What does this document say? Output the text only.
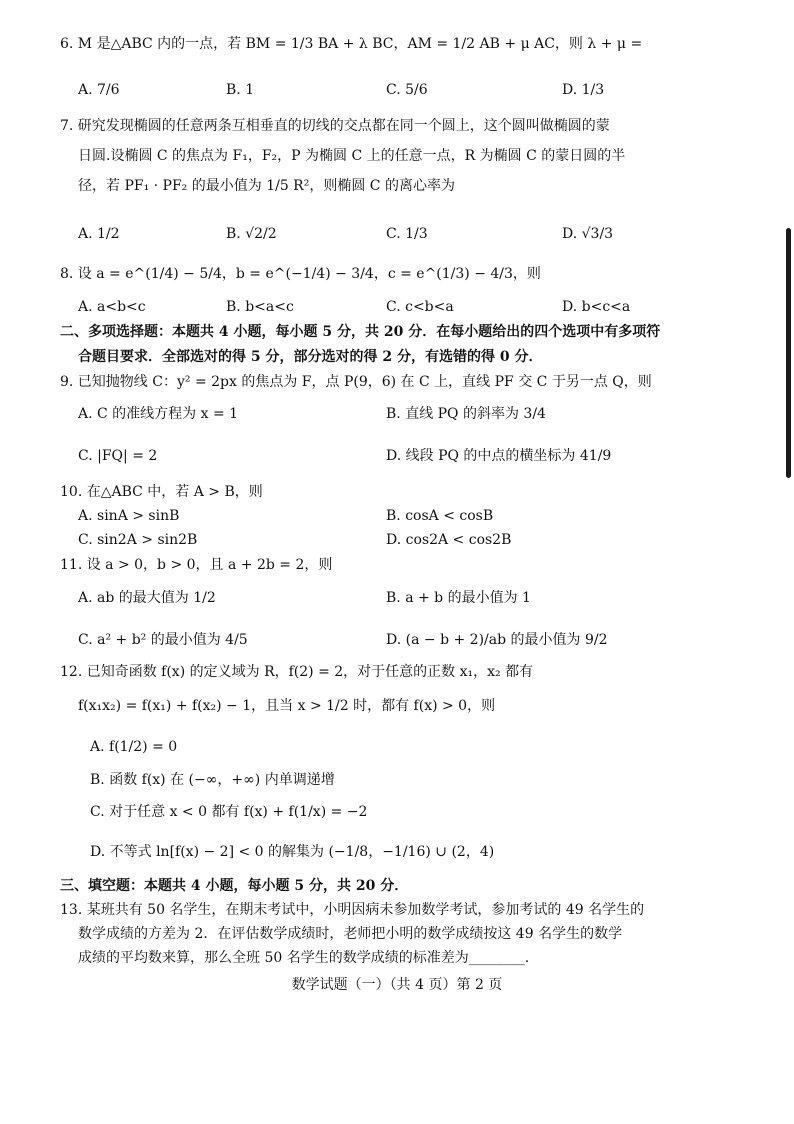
6. M 是△ABC 内的一点，若 BM = 1/3 BA + λ BC，AM = 1/2 AB + μ AC，则 λ + μ =
A. 7/6	B. 1	C. 5/6	D. 1/3
7. 研究发现椭圆的任意两条互相垂直的切线的交点都在同一个圆上，这个圆叫做椭圆的蒙
日圆.设椭圆 C 的焦点为 F₁，F₂，P 为椭圆 C 上的任意一点，R 为椭圆 C 的蒙日圆的半
径，若 PF₁ · PF₂ 的最小值为 1/5 R²，则椭圆 C 的离心率为
A. 1/2	B. √2/2	C. 1/3	D. √3/3
8. 设 a = e^(1/4) − 5/4，b = e^(−1/4) − 3/4，c = e^(1/3) − 4/3，则
A. a<b<c	B. b<a<c	C. c<b<a	D. b<c<a
二、多项选择题：本题共 4 小题，每小题 5 分，共 20 分．在每小题给出的四个选项中有多项符
合题目要求．全部选对的得 5 分，部分选对的得 2 分，有选错的得 0 分．
9. 已知抛物线 C：y² = 2px 的焦点为 F，点 P(9，6) 在 C 上，直线 PF 交 C 于另一点 Q，则
A. C 的准线方程为 x = 1	B. 直线 PQ 的斜率为 3/4
C. |FQ| = 2	D. 线段 PQ 的中点的横坐标为 41/9
10. 在△ABC 中，若 A > B，则
A. sinA > sinB	B. cosA < cosB
C. sin2A > sin2B	D. cos2A < cos2B
11. 设 a > 0，b > 0，且 a + 2b = 2，则
A. ab 的最大值为 1/2	B. a + b 的最小值为 1
C. a² + b² 的最小值为 4/5	D. (a − b + 2)/ab 的最小值为 9/2
12. 已知奇函数 f(x) 的定义域为 R，f(2) = 2，对于任意的正数 x₁，x₂ 都有
f(x₁x₂) = f(x₁) + f(x₂) − 1，且当 x > 1/2 时，都有 f(x) > 0，则
A. f(1/2) = 0
B. 函数 f(x) 在 (−∞，+∞) 内单调递增
C. 对于任意 x < 0 都有 f(x) + f(1/x) = −2
D. 不等式 ln[f(x) − 2] < 0 的解集为 (−1/8，−1/16) ∪ (2，4)
三、填空题：本题共 4 小题，每小题 5 分，共 20 分．
13. 某班共有 50 名学生，在期末考试中，小明因病未参加数学考试，参加考试的 49 名学生的
数学成绩的方差为 2．在评估数学成绩时，老师把小明的数学成绩按这 49 名学生的数学
成绩的平均数来算，那么全班 50 名学生的数学成绩的标准差为________.
数学试题（一）（共 4 页）第 2 页
